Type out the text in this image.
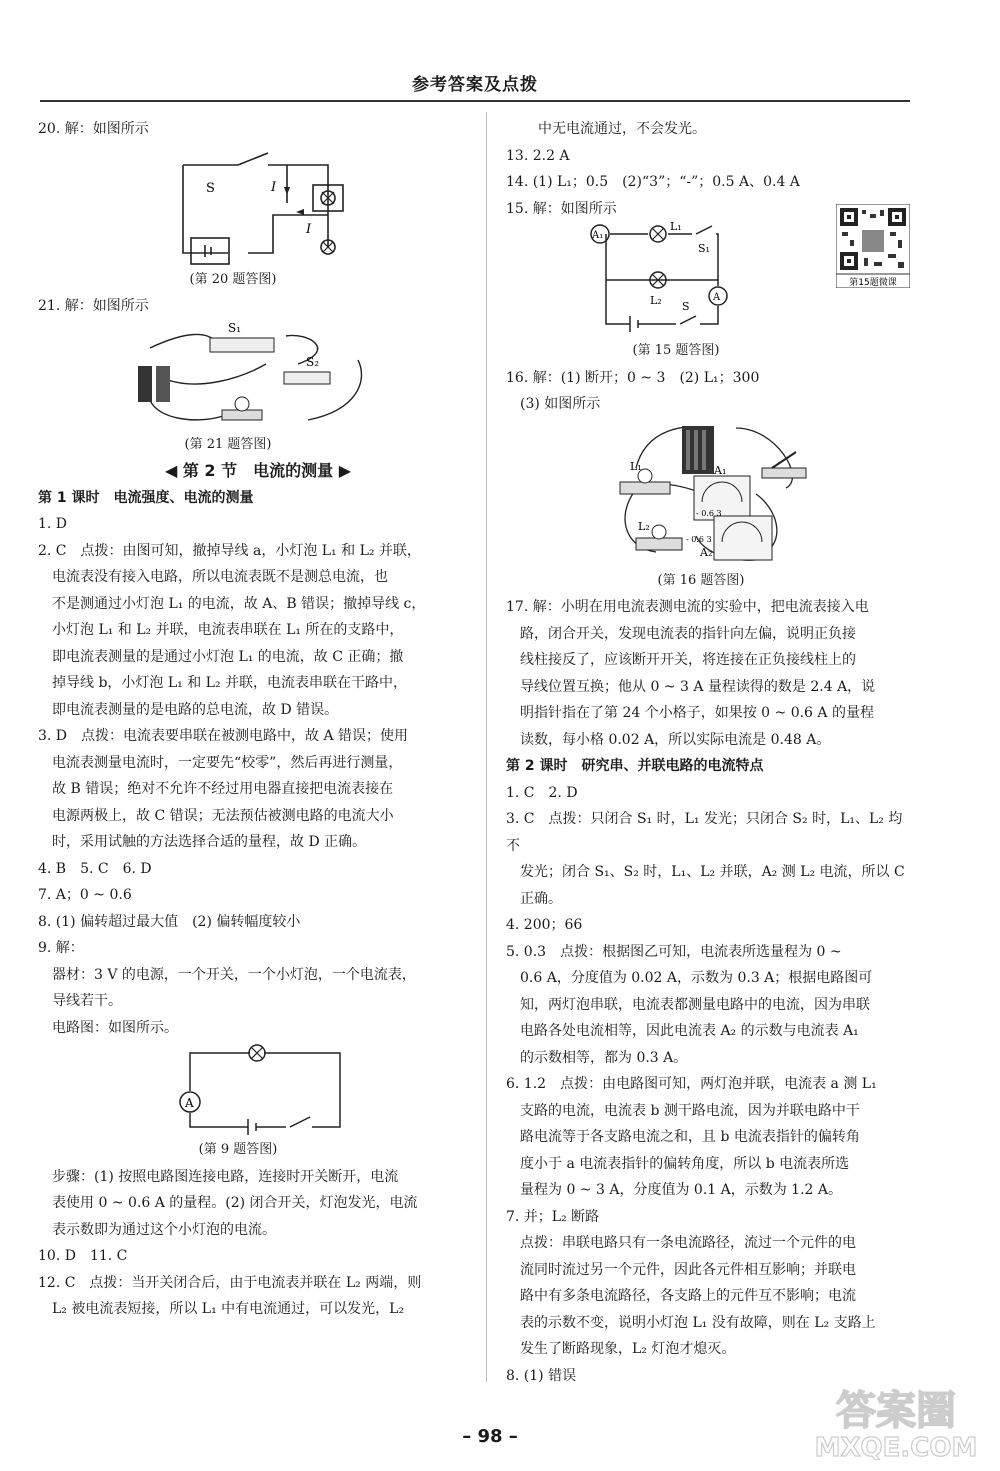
参考答案及点拨

20. 解：如图所示

S	I
I

(第 20 题答图)

21. 解：如图所示

S₁
S₂

(第 21 题答图)

◀ 第 2 节　电流的测量 ▶

第 1 课时　电流强度、电流的测量

1. D

2. C　点拨：由图可知，撤掉导线 a，小灯泡 L₁ 和 L₂ 并联，

电流表没有接入电路，所以电流表既不是测总电流，也

不是测通过小灯泡 L₁ 的电流，故 A、B 错误；撤掉导线 c，

小灯泡 L₁ 和 L₂ 并联，电流表串联在 L₁ 所在的支路中，

即电流表测量的是通过小灯泡 L₁ 的电流，故 C 正确；撤

掉导线 b，小灯泡 L₁ 和 L₂ 并联，电流表串联在干路中，

即电流表测量的是电路的总电流，故 D 错误。

3. D　点拨：电流表要串联在被测电路中，故 A 错误；使用

电流表测量电流时，一定要先“校零”，然后再进行测量，

故 B 错误；绝对不允许不经过用电器直接把电流表接在

电源两极上，故 C 错误；无法预估被测电路的电流大小

时，采用试触的方法选择合适的量程，故 D 正确。

4. B　5. C　6. D

7. A；0 ~ 0.6

8. (1) 偏转超过最大值　(2) 偏转幅度较小

9. 解：

器材：3 V 的电源，一个开关，一个小灯泡，一个电流表，

导线若干。

电路图：如图所示。

A

(第 9 题答图)

步骤：(1) 按照电路图连接电路，连接时开关断开，电流

表使用 0 ~ 0.6 A 的量程。(2) 闭合开关，灯泡发光，电流

表示数即为通过这个小灯泡的电流。

10. D　11. C

12. C　点拨：当开关闭合后，由于电流表并联在 L₂ 两端，则

L₂ 被电流表短接，所以 L₁ 中有电流通过，可以发光，L₂

中无电流通过，不会发光。

13. 2.2 A

14. (1) L₁；0.5　(2)“3”；“-”；0.5 A、0.4 A

15. 解：如图所示

A₁
A
L₁
L₂
S₁
S

(第 15 题答图)

16. 解：(1) 断开；0 ~ 3　(2) L₁；300

(3) 如图所示

L₁
L₂
A₁
A₂
- 0.6 3
- 0.6 3

(第 16 题答图)

17. 解：小明在用电流表测电流的实验中，把电流表接入电

路，闭合开关，发现电流表的指针向左偏，说明正负接

线柱接反了，应该断开开关，将连接在正负接线柱上的

导线位置互换；他从 0 ~ 3 A 量程读得的数是 2.4 A，说

明指针指在了第 24 个小格子，如果按 0 ~ 0.6 A 的量程

读数，每小格 0.02 A，所以实际电流是 0.48 A。

第 2 课时　研究串、并联电路的电流特点

1. C　2. D

3. C　点拨：只闭合 S₁ 时，L₁ 发光；只闭合 S₂ 时，L₁、L₂ 均不

发光；闭合 S₁、S₂ 时，L₁、L₂ 并联，A₂ 测 L₂ 电流，所以 C

正确。

4. 200；66

5. 0.3　点拨：根据图乙可知，电流表所选量程为 0 ~

0.6 A，分度值为 0.02 A，示数为 0.3 A；根据电路图可

知，两灯泡串联，电流表都测量电路中的电流，因为串联

电路各处电流相等，因此电流表 A₂ 的示数与电流表 A₁

的示数相等，都为 0.3 A。

6. 1.2　点拨：由电路图可知，两灯泡并联，电流表 a 测 L₁

支路的电流，电流表 b 测干路电流，因为并联电路中干

路电流等于各支路电流之和，且 b 电流表指针的偏转角

度小于 a 电流表指针的偏转角度，所以 b 电流表所选

量程为 0 ~ 3 A，分度值为 0.1 A，示数为 1.2 A。

7. 并；L₂ 断路

点拨：串联电路只有一条电流路径，流过一个元件的电

流同时流过另一个元件，因此各元件相互影响；并联电

路中有多条电流路径，各支路上的元件互不影响；电流

表的示数不变，说明小灯泡 L₁ 没有故障，则在 L₂ 支路上

发生了断路现象，L₂ 灯泡才熄灭。

8. (1) 错误

第15题微课
– 98 –
答案圈
MXQE.COM
